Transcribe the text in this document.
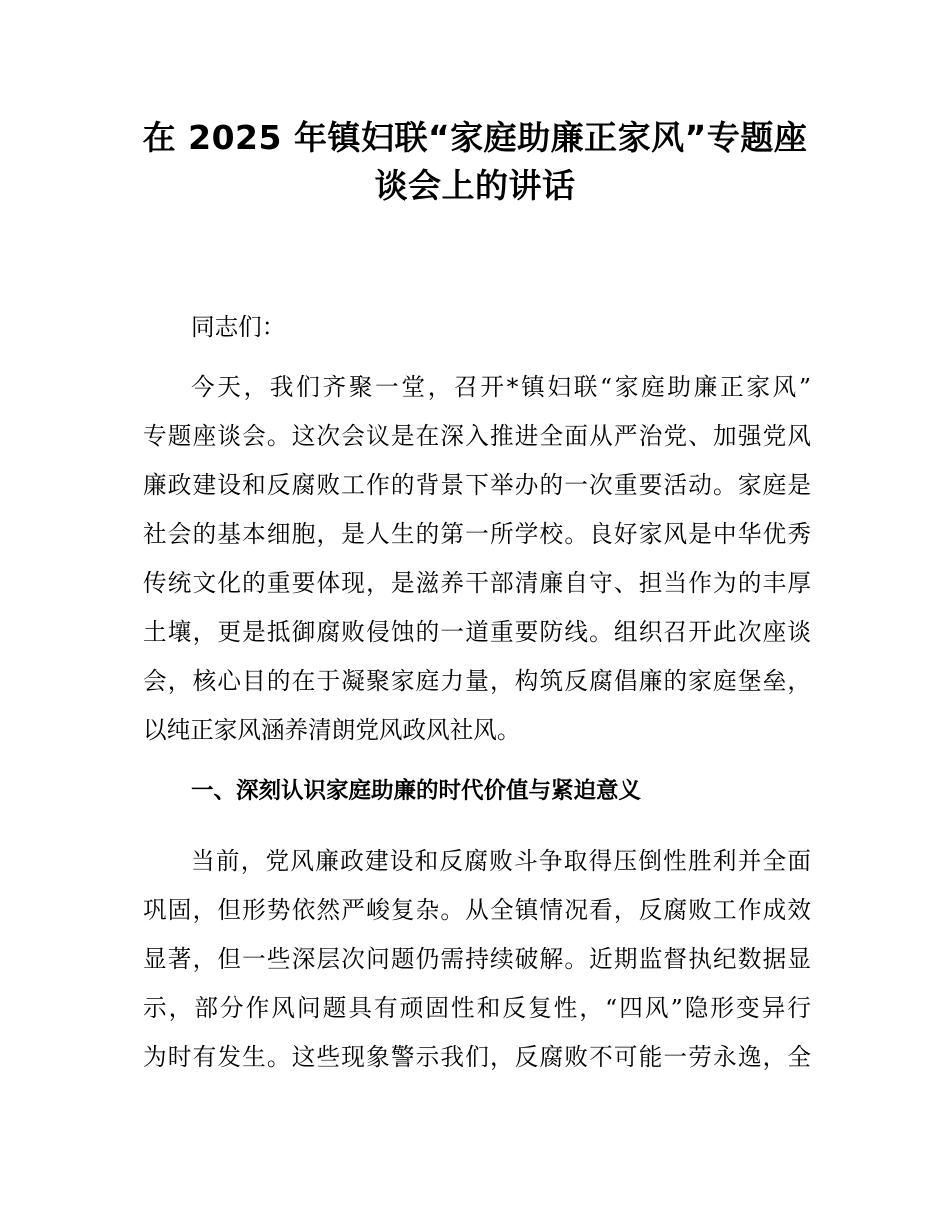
在 2025 年镇妇联“家庭助廉正家风”专题座
谈会上的讲话
同志们：
今天，我们齐聚一堂，召开*镇妇联“家庭助廉正家风”
专题座谈会。这次会议是在深入推进全面从严治党、加强党风
廉政建设和反腐败工作的背景下举办的一次重要活动。家庭是
社会的基本细胞，是人生的第一所学校。良好家风是中华优秀
传统文化的重要体现，是滋养干部清廉自守、担当作为的丰厚
土壤，更是抵御腐败侵蚀的一道重要防线。组织召开此次座谈
会，核心目的在于凝聚家庭力量，构筑反腐倡廉的家庭堡垒，
以纯正家风涵养清朗党风政风社风。
一、深刻认识家庭助廉的时代价值与紧迫意义
当前，党风廉政建设和反腐败斗争取得压倒性胜利并全面
巩固，但形势依然严峻复杂。从全镇情况看，反腐败工作成效
显著，但一些深层次问题仍需持续破解。近期监督执纪数据显
示，部分作风问题具有顽固性和反复性，“四风”隐形变异行
为时有发生。这些现象警示我们，反腐败不可能一劳永逸，全
